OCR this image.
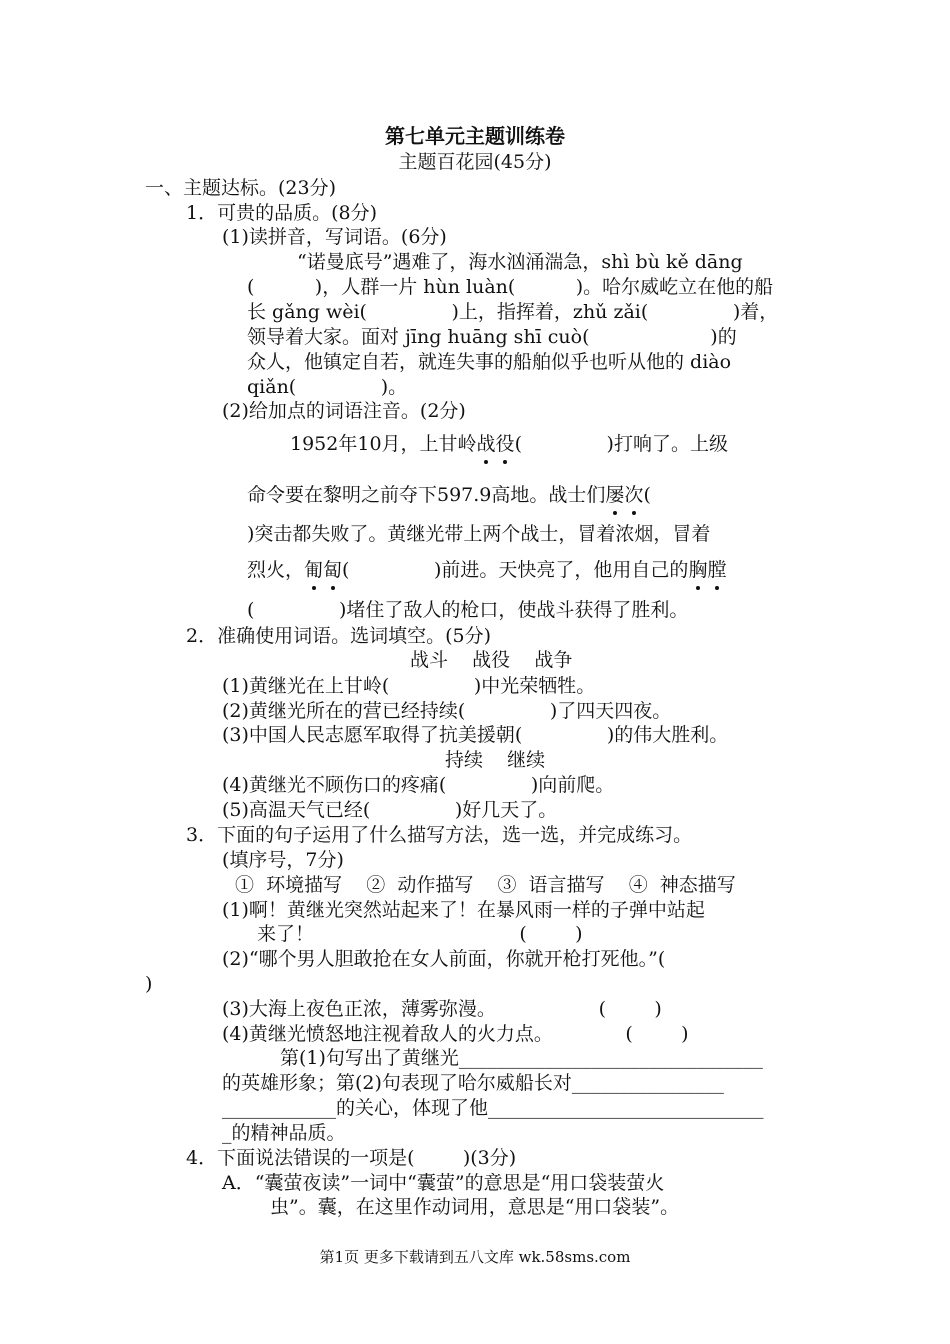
第七单元主题训练卷
主题百花园(45分)
一、主题达标。(23分)
1．可贵的品质。(8分)
(1)读拼音，写词语。(6分)
“诺曼底号”遇难了，海水汹涌湍急，shì bù kě dāng
(          )，人群一片 hùn luàn(          )。哈尔威屹立在他的船
长 gǎng wèi(              )上，指挥着，zhǔ zǎi(              )着，
领导着大家。面对 jīng huāng shī cuò(                    )的
众人，他镇定自若，就连失事的船舶似乎也听从他的 diào
qiǎn(              )。
(2)给加点的词语注音。(2分)
1952年10月，上甘岭战
役
(              )打响了。上级
命令要在黎明之前夺下597.9高地。战士们屡
次
(
)突击都失败了。黄继光带上两个战士，冒着浓烟，冒着
烈火，匍
匐
(              )前进。天快亮了，他用自己的胸
膛
(              )堵住了敌人的枪口，使战斗获得了胜利。
2．准确使用词语。选词填空。(5分)
战斗    战役    战争
(1)黄继光在上甘岭(              )中光荣牺牲。
(2)黄继光所在的营已经持续(              )了四天四夜。
(3)中国人民志愿军取得了抗美援朝(              )的伟大胜利。
持续    继续
(4)黄继光不顾伤口的疼痛(              )向前爬。
(5)高温天气已经(              )好几天了。
3．下面的句子运用了什么描写方法，选一选，并完成练习。
(填序号，7分)
①  环境描写    ②  动作描写    ③  语言描写    ④  神态描写
(1)啊！黄继光突然站起来了！在暴风雨一样的子弹中站起
来了！                                  (        )
(2)“哪个男人胆敢抢在女人前面，你就开枪打死他。”(
)
(3)大海上夜色正浓，薄雾弥漫。                 (        )
(4)黄继光愤怒地注视着敌人的火力点。            (        )
第(1)句写出了黄继光________________________________
的英雄形象；第(2)句表现了哈尔威船长对________________
____________的关心，体现了他_____________________________
_的精神品质。
4．下面说法错误的一项是(        )(3分)
A．“囊萤夜读”一词中“囊萤”的意思是“用口袋装萤火
虫”。囊，在这里作动词用，意思是“用口袋装”。
第1页 更多下载请到五八文库 wk.58sms.com
